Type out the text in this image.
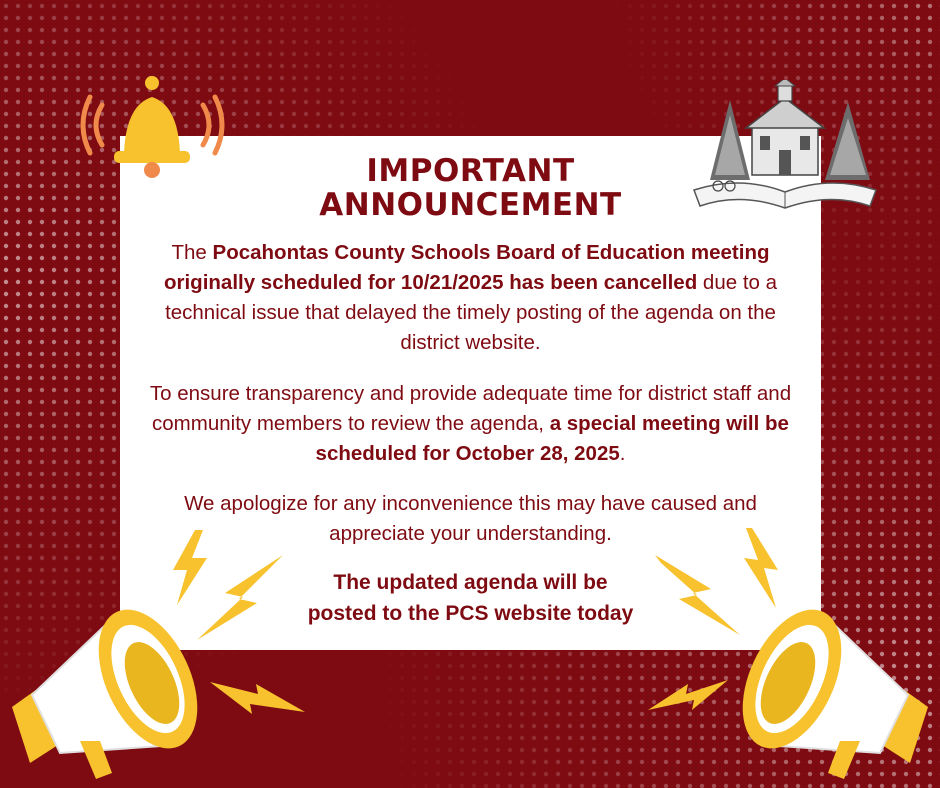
IMPORTANT
ANNOUNCEMENT
The Pocahontas County Schools Board of Education meeting originally scheduled for 10/21/2025 has been cancelled due to a technical issue that delayed the timely posting of the agenda on the district website.
To ensure transparency and provide adequate time for district staff and community members to review the agenda, a special meeting will be scheduled for October 28, 2025.
We apologize for any inconvenience this may have caused and appreciate your understanding.
The updated agenda will be
posted to the PCS website today
